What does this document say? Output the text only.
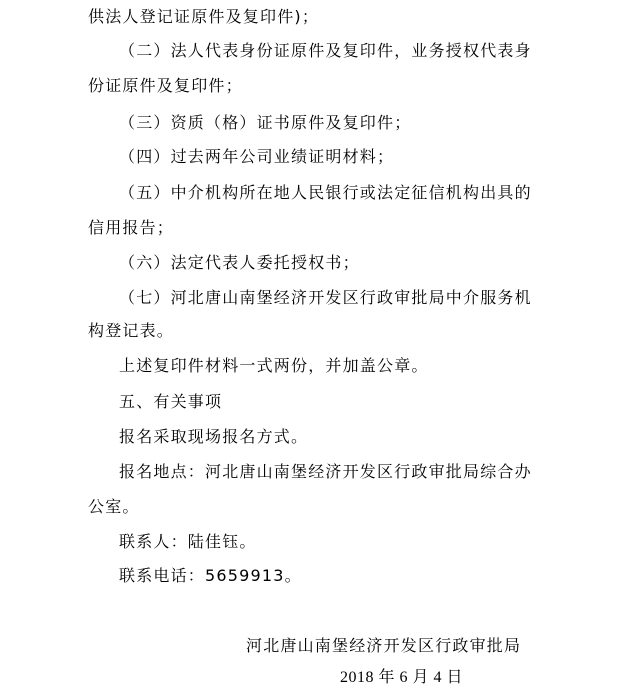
供法人登记证原件及复印件)；
（二）法人代表身份证原件及复印件，业务授权代表身
份证原件及复印件；
（三）资质（格）证书原件及复印件；
（四）过去两年公司业绩证明材料；
（五）中介机构所在地人民银行或法定征信机构出具的
信用报告；
（六）法定代表人委托授权书；
（七）河北唐山南堡经济开发区行政审批局中介服务机
构登记表。
上述复印件材料一式两份，并加盖公章。
五、有关事项
报名采取现场报名方式。
报名地点：河北唐山南堡经济开发区行政审批局综合办
公室。
联系人：陆佳钰。
联系电话：5659913。
河北唐山南堡经济开发区行政审批局
2018 年 6 月 4 日
